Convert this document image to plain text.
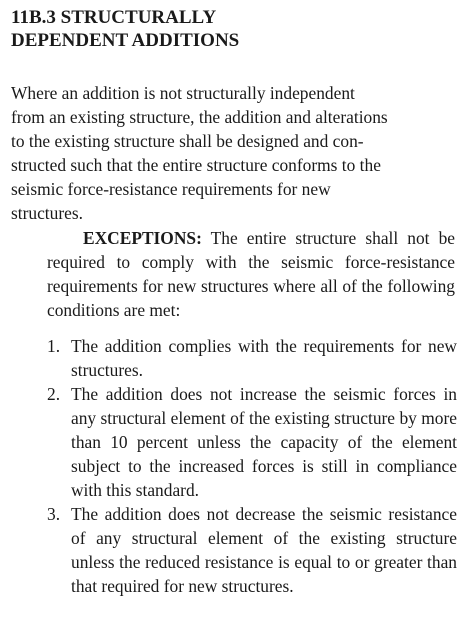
11B.3 STRUCTURALLY
DEPENDENT ADDITIONS

Where an addition is not structurally independent
from an existing structure, the addition and alterations
to the existing structure shall be designed and con-
structed such that the entire structure conforms to the
seismic force-resistance requirements for new
structures.

EXCEPTIONS: The entire structure shall not be required to comply with the seismic force-resistance requirements for new structures where all of the following conditions are met:

1. The addition complies with the requirements for new structures.
2. The addition does not increase the seismic forces in any structural element of the existing structure by more than 10 percent unless the capacity of the element subject to the increased forces is still in compliance with this standard.
3. The addition does not decrease the seismic resistance of any structural element of the existing structure unless the reduced resistance is equal to or greater than that required for new structures.
